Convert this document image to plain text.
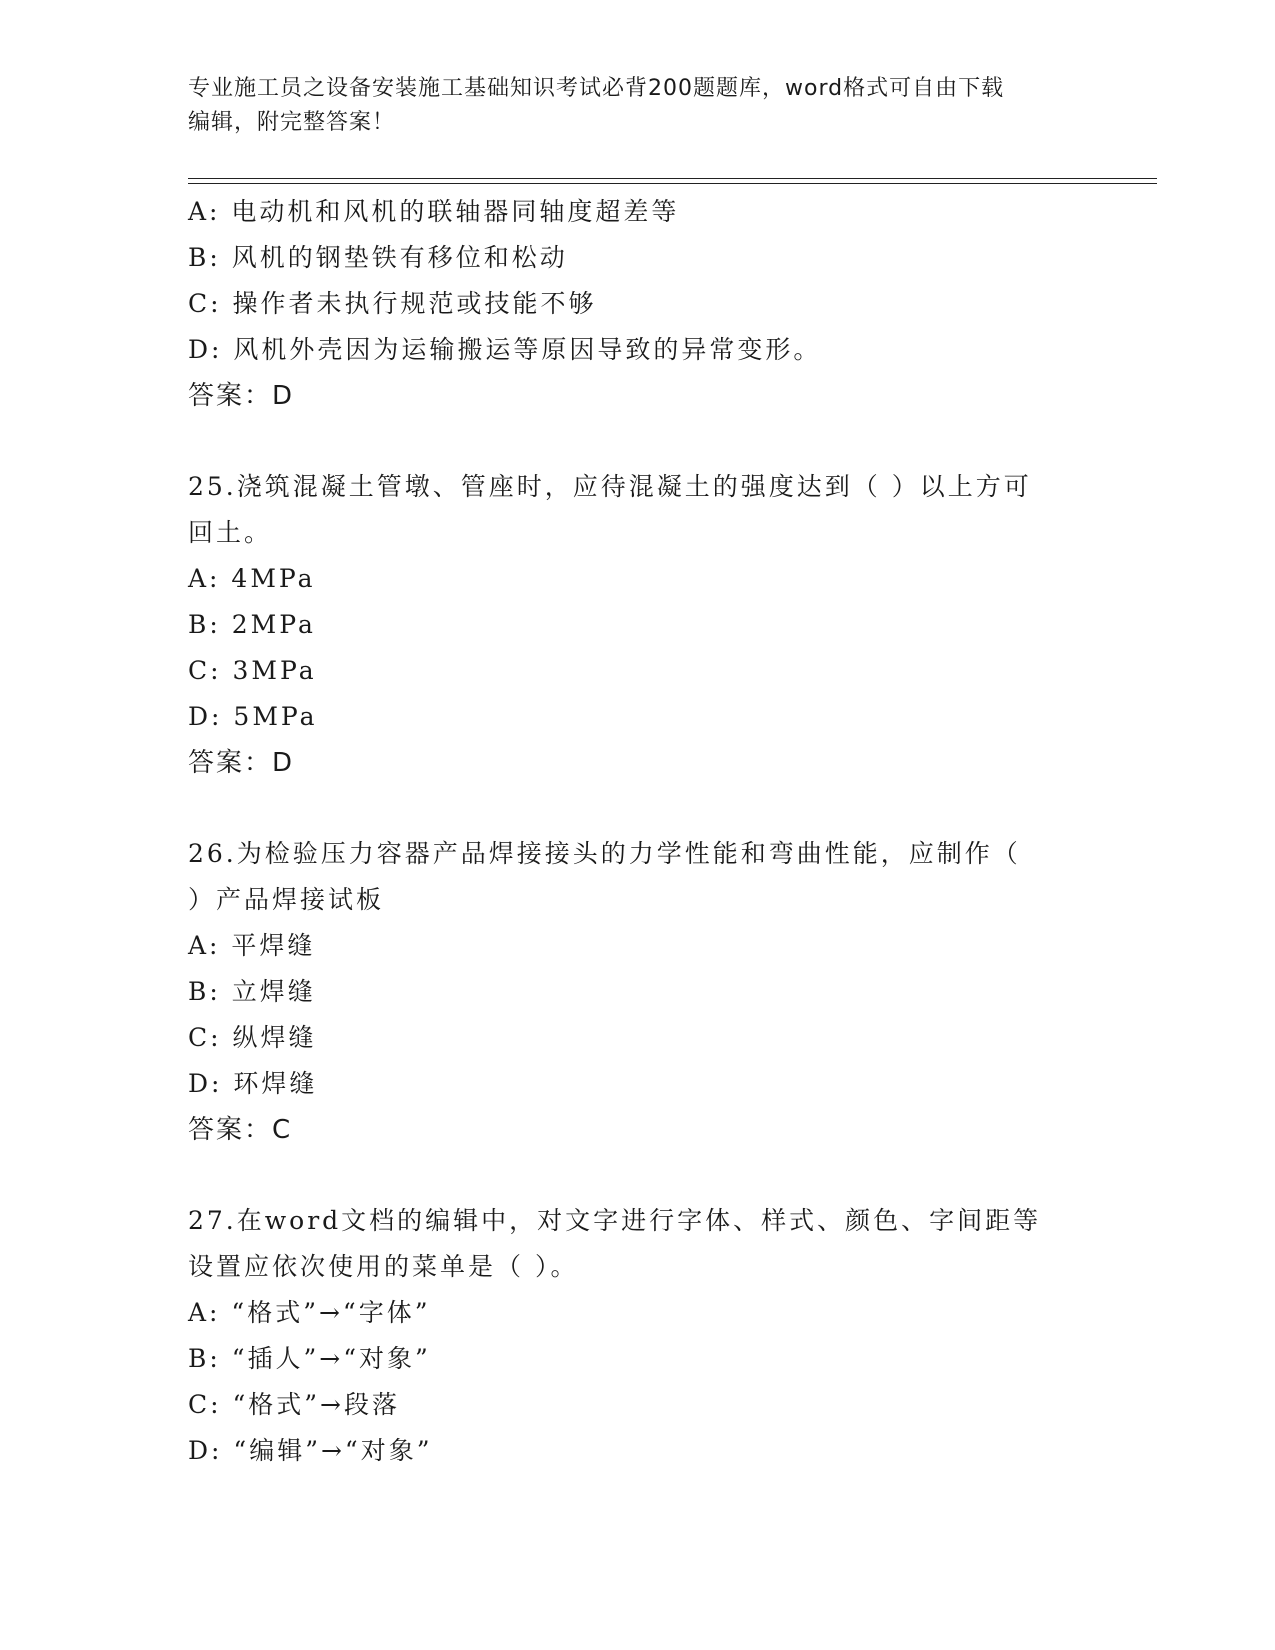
专业施工员之设备安装施工基础知识考试必背200题题库，word格式可自由下载
编辑，附完整答案！
A: 电动机和风机的联轴器同轴度超差等
B: 风机的钢垫铁有移位和松动
C: 操作者未执行规范或技能不够
D: 风机外壳因为运输搬运等原因导致的异常变形。
答案：D
25.浇筑混凝土管墩、管座时，应待混凝土的强度达到（ ）以上方可
回土。
A: 4MPa
B: 2MPa
C: 3MPa
D: 5MPa
答案：D
26.为检验压力容器产品焊接接头的力学性能和弯曲性能，应制作（
）产品焊接试板
A: 平焊缝
B: 立焊缝
C: 纵焊缝
D: 环焊缝
答案：C
27.在word文档的编辑中，对文字进行字体、样式、颜色、字间距等
设置应依次使用的菜单是（ ）。
A: “格式”→“字体”
B: “插人”→“对象”
C: “格式”→段落
D: “编辑”→“对象”
